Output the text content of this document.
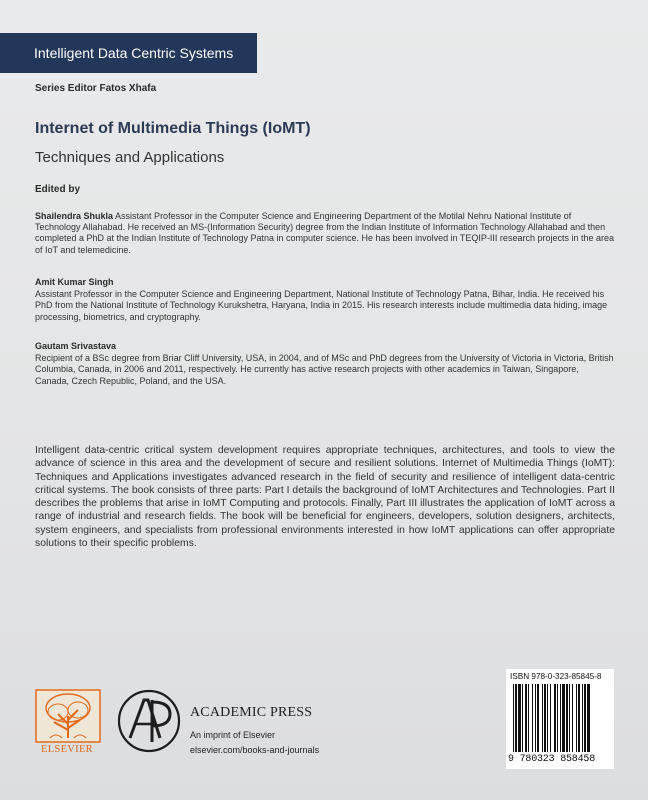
Intelligent Data Centric Systems
Series Editor Fatos Xhafa
Internet of Multimedia Things (IoMT)
Techniques and Applications
Edited by
Shailendra Shukla Assistant Professor in the Computer Science and Engineering Department of the Motilal Nehru National Institute of Technology Allahabad. He received an MS-(Information Security) degree from the Indian Institute of Information Technology Allahabad and then completed a PhD at the Indian Institute of Technology Patna in computer science. He has been involved in TEQIP-III research projects in the area of IoT and telemedicine.
Amit Kumar Singh
Assistant Professor in the Computer Science and Engineering Department, National Institute of Technology Patna, Bihar, India. He received his PhD from the National Institute of Technology Kurukshetra, Haryana, India in 2015. His research interests include multimedia data hiding, image processing, biometrics, and cryptography.
Gautam Srivastava
Recipient of a BSc degree from Briar Cliff University, USA, in 2004, and of MSc and PhD degrees from the University of Victoria in Victoria, British Columbia, Canada, in 2006 and 2011, respectively. He currently has active research projects with other academics in Taiwan, Singapore, Canada, Czech Republic, Poland, and the USA.
Intelligent data-centric critical system development requires appropriate techniques, architectures, and tools to view the advance of science in this area and the development of secure and resilient solutions. Internet of Multimedia Things (IoMT): Techniques and Applications investigates advanced research in the field of security and resilience of intelligent data-centric critical systems. The book consists of three parts: Part I details the background of IoMT Architectures and Technologies. Part II describes the problems that arise in IoMT Computing and protocols. Finally, Part III illustrates the application of IoMT across a range of industrial and research fields. The book will be beneficial for engineers, developers, solution designers, architects, system engineers, and specialists from professional environments interested in how IoMT applications can offer appropriate solutions to their specific problems.
ELSEVIER
ACADEMIC PRESS
An imprint of Elsevier
elsevier.com/books-and-journals
ISBN 978-0-323-85845-8
9 780323 858458
